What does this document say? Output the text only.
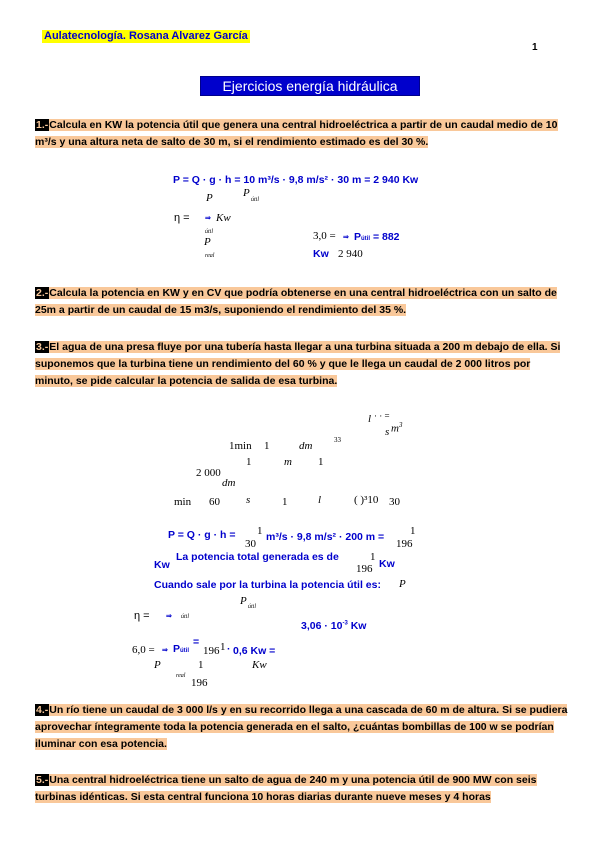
Aulatecnología. Rosana Alvarez García
1
Ejercicios energía hidráulica
1.-Calcula en KW la potencia útil que genera una central hidroeléctrica a partir de un caudal medio de 10 m³/s y una altura neta de salto de 30 m, si el rendimiento estimado es del 30 %.
P = Q · g · h = 10 m³/s · 9,8 m/s² · 30 m = 2 940 Kw
P	P
útil
η = ⇒ Kw
útil
P
real
3,0 = ⇒ Pútil = 882
Kw 2 940
2.-Calcula la potencia en KW y en CV que podría obtenerse en una central hidroeléctrica con un salto de 25m a partir de un caudal de 15 m3/s, suponiendo el rendimiento del 35 %.
3.-El agua de una presa fluye por una tubería hasta llegar a una turbina situada a 200 m debajo de ella. Si suponemos que la turbina tiene un rendimiento del 60 % y que le llega un caudal de 2 000 litros por minuto, se pide calcular la potencia de salida de esa turbina.
l · · =
s $m^3$
1min 1	dm	33
1	m 1
2 000
dm
min 60 s	1	l	( )³10 30
P = Q · g · h =
30
1 m³/s · 9,8 m/s² · 200 m =
196
1
Kw
La potencia total generada es de
196
1
Kw
Cuando sale por la turbina la potencia útil es: P
P útil
η = ⇒ útil
$3,06 \cdot 10^{-3}$ Kw
6,0 = ⇒ Pútil
=
196 1 · 0,6 Kw =
P	1	Kw
real
196
4.-Un río tiene un caudal de 3 000 l/s y en su recorrido llega a una cascada de 60 m de altura. Si se pudiera aprovechar íntegramente toda la potencia generada en el salto, ¿cuántas bombillas de 100 w se podrían iluminar con esa potencia.
5.-Una central hidroeléctrica tiene un salto de agua de 240 m y una potencia útil de 900 MW con seis turbinas idénticas. Si esta central funciona 10 horas diarias durante nueve meses y 4 horas
